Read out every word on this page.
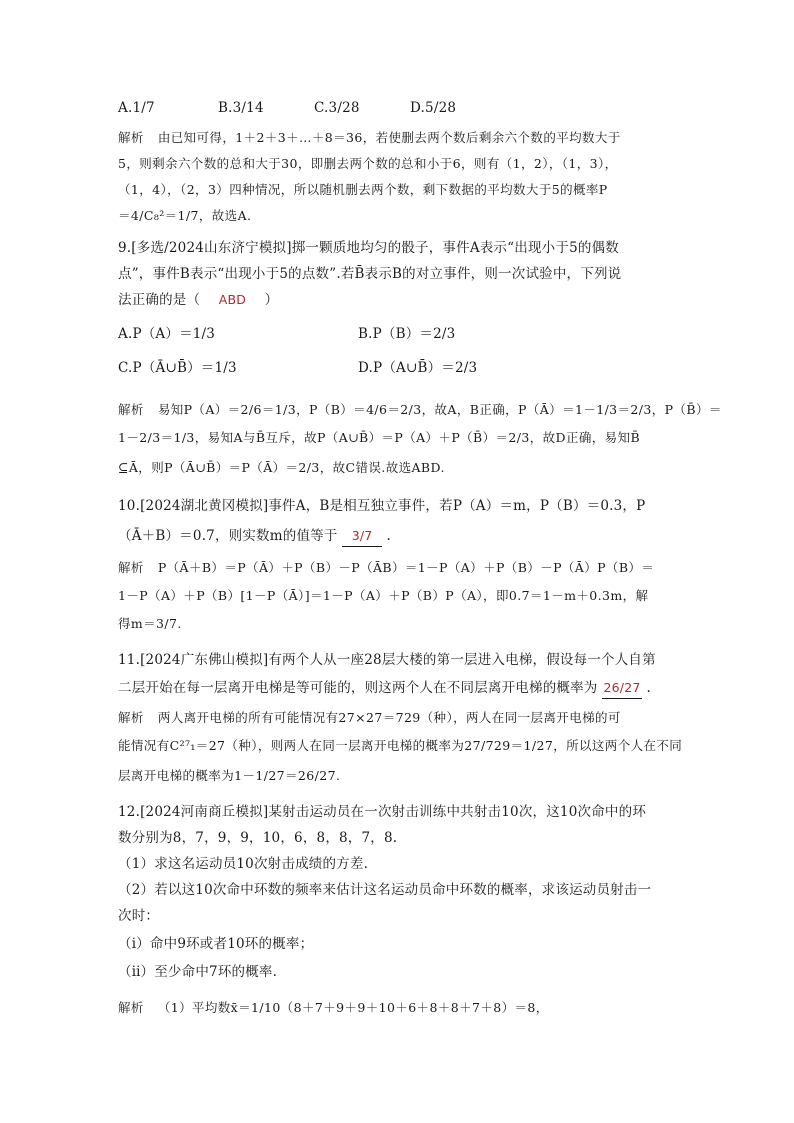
A.1/7	B.3/14	C.3/28	D.5/28
解析 由已知可得，1＋2＋3＋…＋8＝36，若使删去两个数后剩余六个数的平均数大于
5，则剩余六个数的总和大于30，即删去两个数的总和小于6，则有（1，2），（1，3），
（1，4），（2，3）四种情况，所以随机删去两个数，剩下数据的平均数大于5的概率P
＝4/C₈²＝1/7，故选A.
9.[多选/2024山东济宁模拟]掷一颗质地均匀的骰子，事件A表示“出现小于5的偶数
点”，事件B表示“出现小于5的点数”.若B̄表示B的对立事件，则一次试验中，下列说
法正确的是（ ABD ）
A.P（A）＝1/3	B.P（B）＝2/3
C.P（Ā∪B̄）＝1/3	D.P（A∪B̄）＝2/3
解析 易知P（A）＝2/6＝1/3，P（B）＝4/6＝2/3，故A，B正确，P（Ā）＝1－1/3＝2/3，P（B̄）＝
1－2/3＝1/3，易知A与B̄互斥，故P（A∪B̄）＝P（A）＋P（B̄）＝2/3，故D正确，易知B̄
⊆Ā，则P（Ā∪B̄）＝P（Ā）＝2/3，故C错误.故选ABD.
10.[2024湖北黄冈模拟]事件A，B是相互独立事件，若P（A）＝m，P（B）＝0.3，P
（Ā＋B）＝0.7，则实数m的值等于 3/7 .
解析 P（Ā＋B）＝P（Ā）＋P（B）－P（ĀB）＝1－P（A）＋P（B）－P（Ā）P（B）＝
1－P（A）＋P（B）[1－P（Ā）]＝1－P（A）＋P（B）P（A），即0.7＝1－m＋0.3m，解
得m＝3/7.
11.[2024广东佛山模拟]有两个人从一座28层大楼的第一层进入电梯，假设每一个人自第
二层开始在每一层离开电梯是等可能的，则这两个人在不同层离开电梯的概率为 26/27 .
解析 两人离开电梯的所有可能情况有27×27＝729（种），两人在同一层离开电梯的可
能情况有C²⁷₁＝27（种），则两人在同一层离开电梯的概率为27/729＝1/27，所以这两个人在不同
层离开电梯的概率为1－1/27＝26/27.
12.[2024河南商丘模拟]某射击运动员在一次射击训练中共射击10次，这10次命中的环
数分别为8，7，9，9，10，6，8，8，7，8.
（1）求这名运动员10次射击成绩的方差.
（2）若以这10次命中环数的频率来估计这名运动员命中环数的概率，求该运动员射击一
次时：
（ⅰ）命中9环或者10环的概率；
（ⅱ）至少命中7环的概率.
解析 （1）平均数x̄＝1/10（8＋7＋9＋9＋10＋6＋8＋8＋7＋8）＝8，
